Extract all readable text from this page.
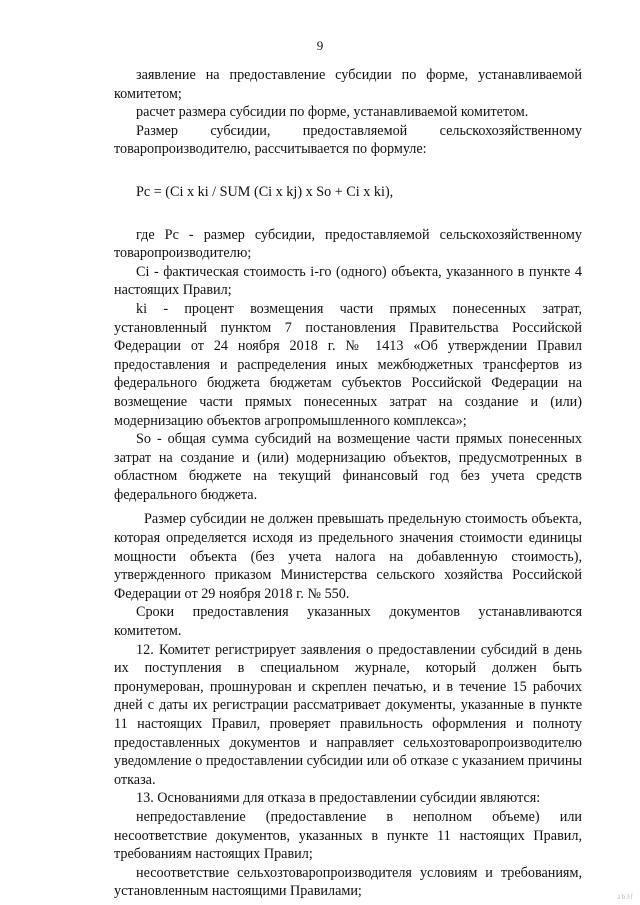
9

заявление на предоставление субсидии по форме, устанавливаемой комитетом;

расчет размера субсидии по форме, устанавливаемой комитетом.

Размер субсидии, предоставляемой сельскохозяйственному товаропроизводителю, рассчитывается по формуле:

Pc = (Ci x ki / SUM (Ci x kj) x So + Ci x ki),

где Pc - размер субсидии, предоставляемой сельскохозяйственному товаропроизводителю;

Ci - фактическая стоимость i-го (одного) объекта, указанного в пункте 4 настоящих Правил;

ki - процент возмещения части прямых понесенных затрат, установленный пунктом 7 постановления Правительства Российской Федерации от 24 ноября 2018 г. № 1413 «Об утверждении Правил предоставления и распределения иных межбюджетных трансфертов из федерального бюджета бюджетам субъектов Российской Федерации на возмещение части прямых понесенных затрат на создание и (или) модернизацию объектов агропромышленного комплекса»;

So - общая сумма субсидий на возмещение части прямых понесенных затрат на создание и (или) модернизацию объектов, предусмотренных в областном бюджете на текущий финансовый год без учета средств федерального бюджета.

Размер субсидии не должен превышать предельную стоимость объекта, которая определяется исходя из предельного значения стоимости единицы мощности объекта (без учета налога на добавленную стоимость), утвержденного приказом Министерства сельского хозяйства Российской Федерации от 29 ноября 2018 г. № 550.

Сроки предоставления указанных документов устанавливаются комитетом.

12. Комитет регистрирует заявления о предоставлении субсидий в день их поступления в специальном журнале, который должен быть пронумерован, прошнурован и скреплен печатью, и в течение 15 рабочих дней с даты их регистрации рассматривает документы, указанные в пункте 11 настоящих Правил, проверяет правильность оформления и полноту предоставленных документов и направляет сельхозтоваропроизводителю уведомление о предоставлении субсидии или об отказе с указанием причины отказа.

13. Основаниями для отказа в предоставлении субсидии являются:

непредоставление (предоставление в неполном объеме) или несоответствие документов, указанных в пункте 11 настоящих Правил, требованиям настоящих Правил;

несоответствие сельхозтоваропроизводителя условиям и требованиям, установленным настоящими Правилами;	ab3f
